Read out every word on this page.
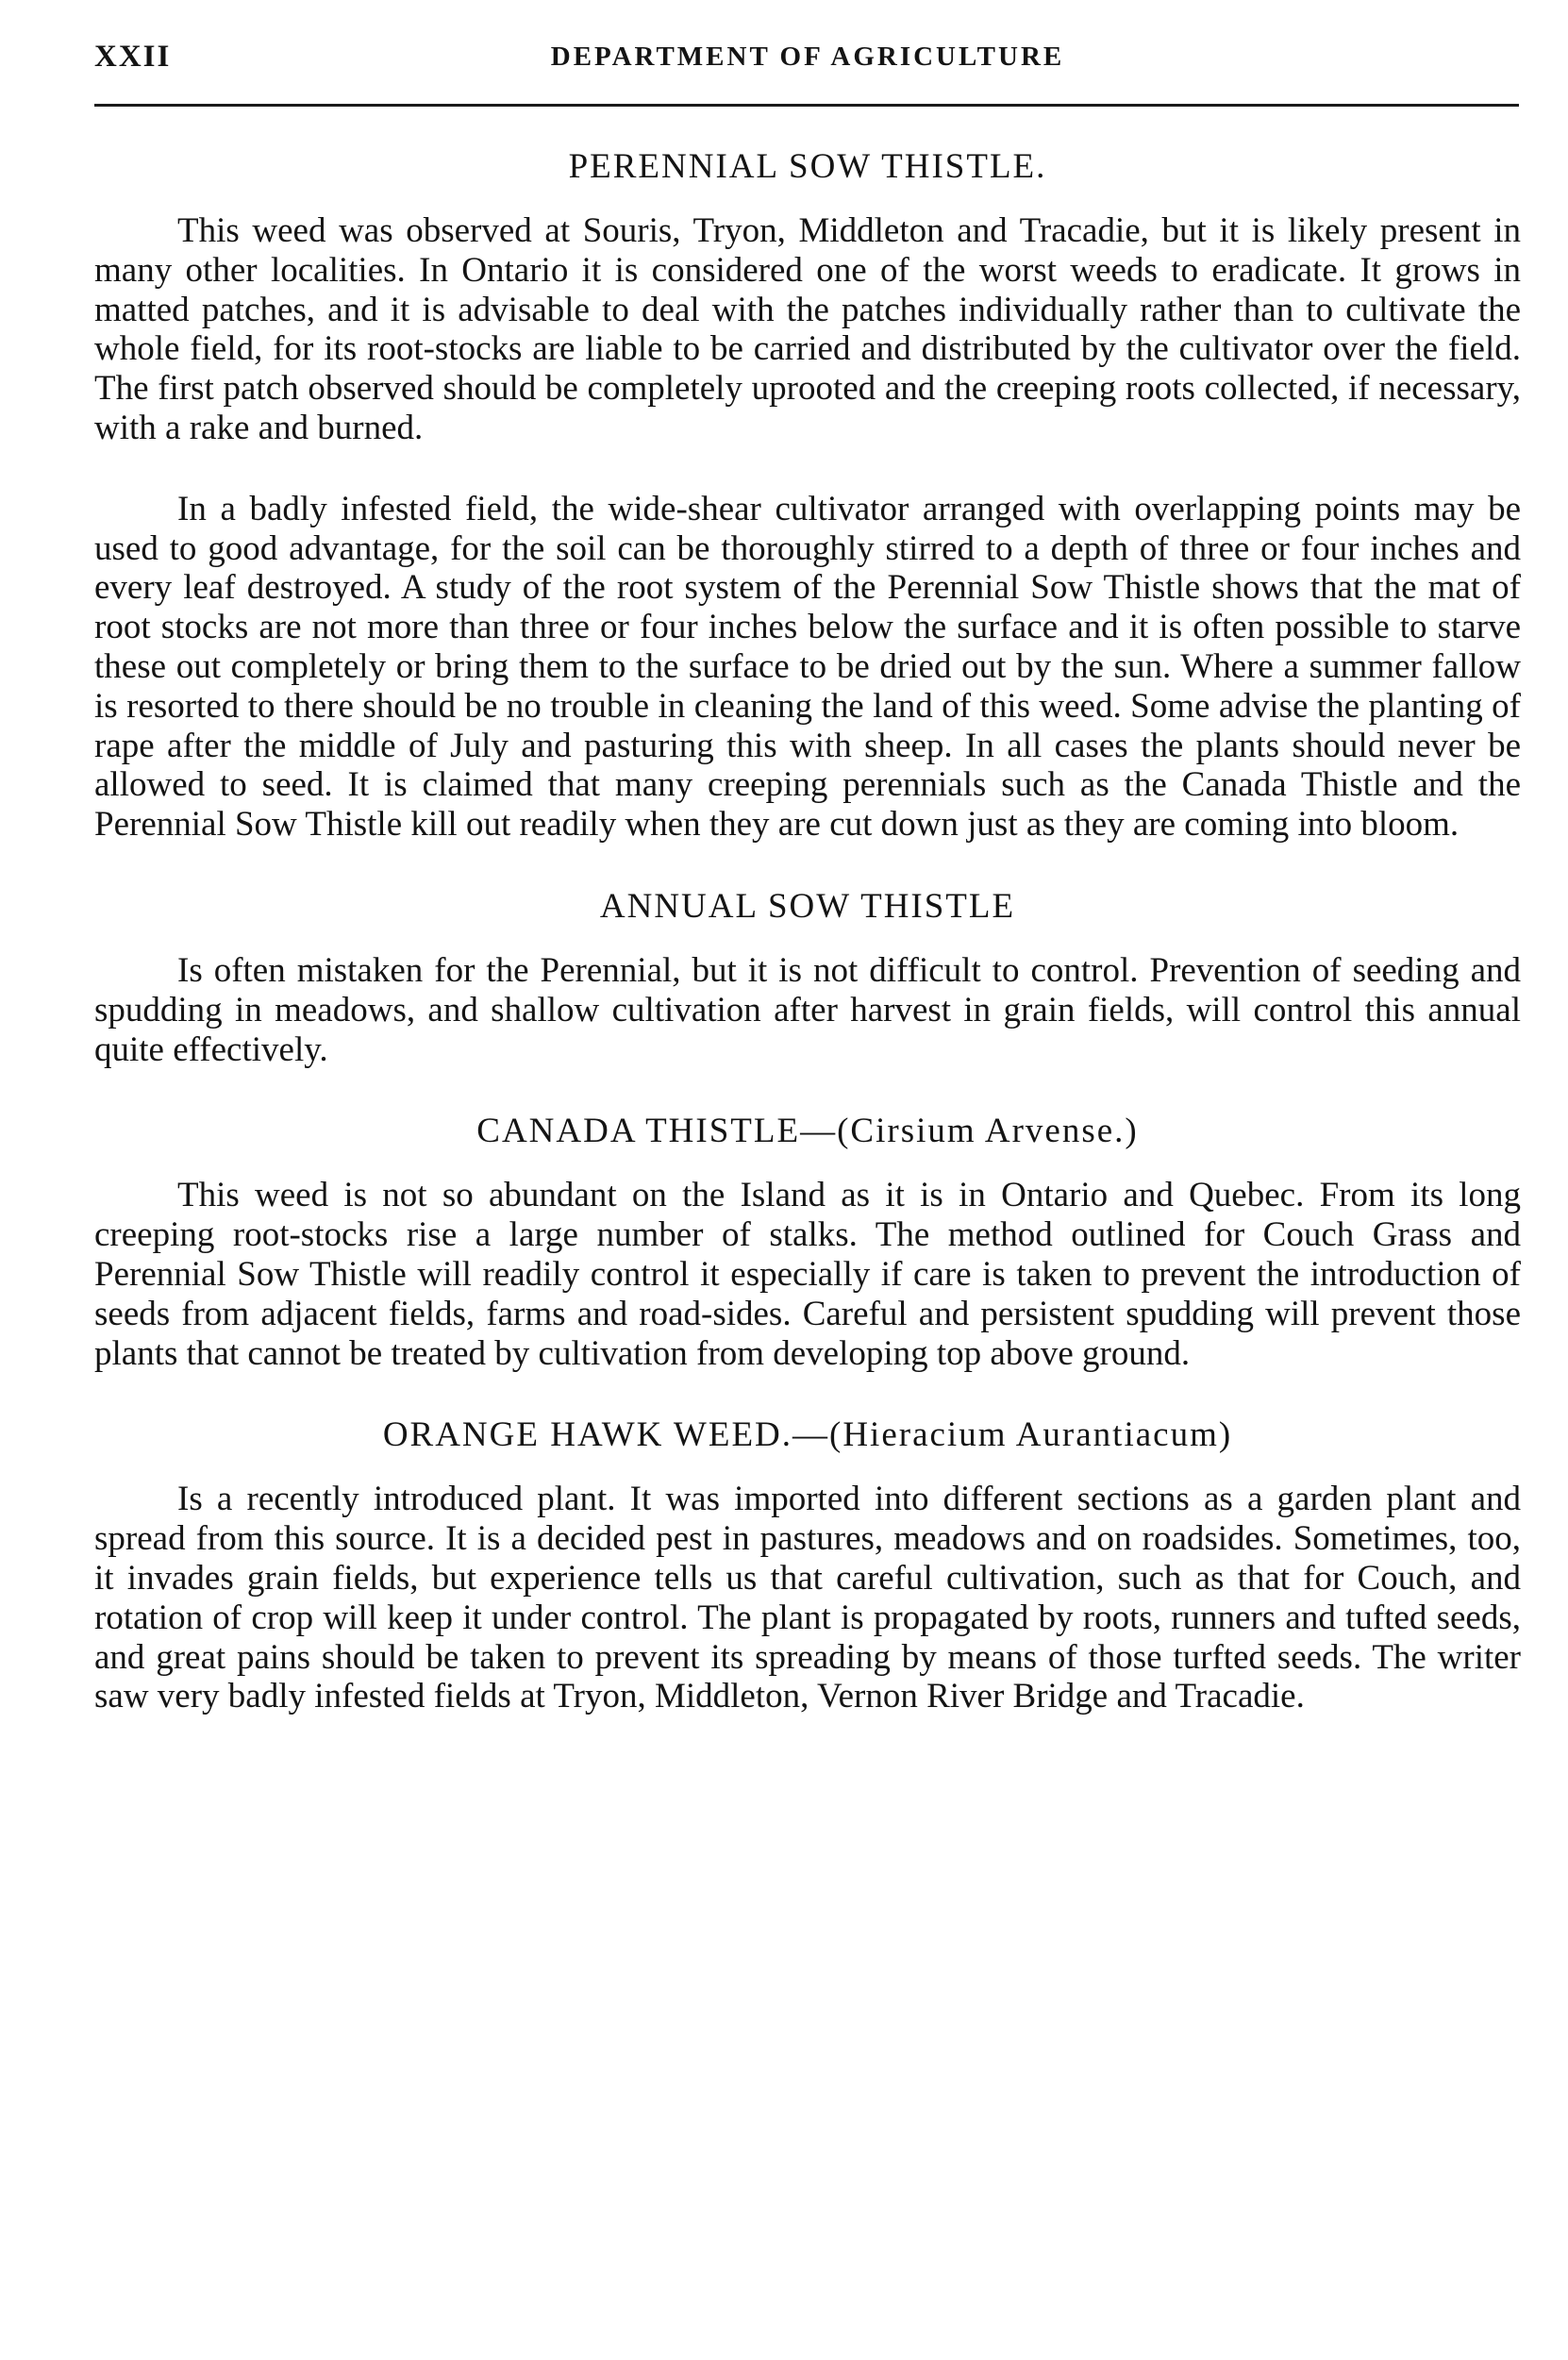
XXII	DEPARTMENT OF AGRICULTURE
PERENNIAL SOW THISTLE.

This weed was observed at Souris, Tryon, Middleton and Tracadie, but it is likely present in many other localities. In Ontario it is considered one of the worst weeds to eradicate. It grows in matted patches, and it is advisable to deal with the patches individually rather than to cultivate the whole field, for its root-stocks are liable to be carried and distributed by the cultivator over the field. The first patch observed should be completely uprooted and the creeping roots collected, if necessary, with a rake and burned.

In a badly infested field, the wide-shear cultivator arranged with overlapping points may be used to good advantage, for the soil can be thoroughly stirred to a depth of three or four inches and every leaf destroyed. A study of the root system of the Perennial Sow Thistle shows that the mat of root stocks are not more than three or four inches below the surface and it is often possible to starve these out completely or bring them to the surface to be dried out by the sun. Where a summer fallow is resorted to there should be no trouble in cleaning the land of this weed. Some advise the planting of rape after the middle of July and pasturing this with sheep. In all cases the plants should never be allowed to seed. It is claimed that many creeping perennials such as the Canada Thistle and the Perennial Sow Thistle kill out readily when they are cut down just as they are coming into bloom.

ANNUAL SOW THISTLE

Is often mistaken for the Perennial, but it is not difficult to control. Prevention of seeding and spudding in meadows, and shallow cultivation after harvest in grain fields, will control this annual quite effectively.

CANADA THISTLE—(Cirsium Arvense.)

This weed is not so abundant on the Island as it is in Ontario and Quebec. From its long creeping root-stocks rise a large number of stalks. The method outlined for Couch Grass and Perennial Sow Thistle will readily control it especially if care is taken to prevent the introduction of seeds from adjacent fields, farms and road-sides. Careful and persistent spudding will prevent those plants that cannot be treated by cultivation from developing top above ground.

ORANGE HAWK WEED.—(Hieracium Aurantiacum)

Is a recently introduced plant. It was imported into different sections as a garden plant and spread from this source. It is a decided pest in pastures, meadows and on roadsides. Sometimes, too, it invades grain fields, but experience tells us that careful cultivation, such as that for Couch, and rotation of crop will keep it under control. The plant is propagated by roots, runners and tufted seeds, and great pains should be taken to prevent its spreading by means of those turfted seeds. The writer saw very badly infested fields at Tryon, Middleton, Vernon River Bridge and Tracadie.
